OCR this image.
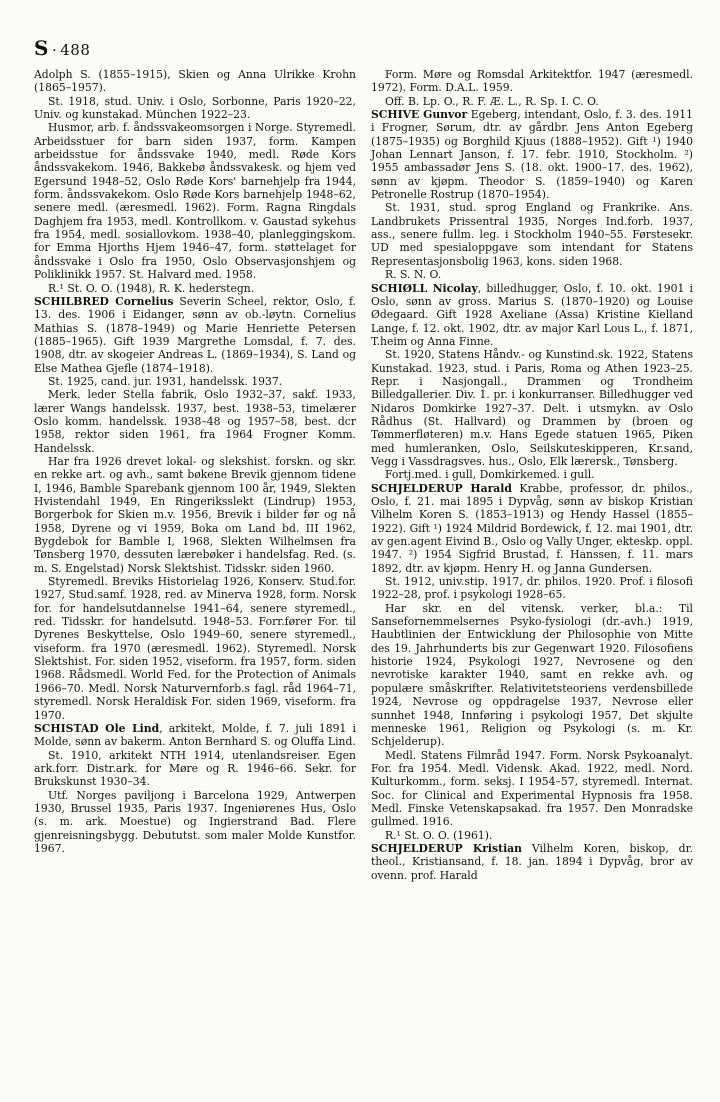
S · 488

Adolph S. (1855–1915), Skien og Anna Ulrikke Krohn (1865–1957).

St. 1918, stud. Univ. i Oslo, Sorbonne, Paris 1920–22, Univ. og kunstakad. München 1922–23.

Husmor, arb. f. åndssvakeomsorgen i Norge. Styremedl. Arbeidsstuer for barn siden 1937, form. Kampen arbeidsstue for åndssvake 1940, medl. Røde Kors åndssvakekom. 1946, Bakkebø åndssvakesk. og hjem ved Egersund 1948–52, Oslo Røde Kors' barnehjelp fra 1944, form. åndssvakekom. Oslo Røde Kors barnehjelp 1948–62, senere medl. (æresmedl. 1962). Form. Ragna Ringdals Daghjem fra 1953, medl. Kontrollkom. v. Gaustad sykehus fra 1954, medl. sosiallovkom. 1938–40, planleggingskom. for Emma Hjorths Hjem 1946–47, form. støttelaget for åndssvake i Oslo fra 1950, Oslo Observasjonshjem og Poliklinikk 1957. St. Halvard med. 1958.

R.¹ St. O. O. (1948), R. K. hederstegn.

SCHILBRED Cornelius Severin Scheel, rektor, Oslo, f. 13. des. 1906 i Eidanger, sønn av ob.-løytn. Cornelius Mathias S. (1878–1949) og Marie Henriette Petersen (1885–1965). Gift 1939 Margrethe Lomsdal, f. 7. des. 1908, dtr. av skogeier Andreas L. (1869–1934), S. Land og Else Mathea Gjefle (1874–1918).

St. 1925, cand. jur. 1931, handelssk. 1937.

Merk. leder Stella fabrik, Oslo 1932–37, sakf. 1933, lærer Wangs handelssk. 1937, best. 1938–53, timelærer Oslo komm. handelssk. 1938–48 og 1957–58, best. dcr 1958, rektor siden 1961, fra 1964 Frogner Komm. Handelssk.

Har fra 1926 drevet lokal- og slekshist. forskn. og skr. en rekke art. og avh., samt bøkene Brevik gjennom tidene I, 1946, Bamble Sparebank gjennom 100 år, 1949, Slekten Hvistendahl 1949, En Ringeriksslekt (Lindrup) 1953, Borgerbok for Skien m.v. 1956, Brevik i bilder før og nå 1958, Dyrene og vi 1959, Boka om Land bd. III 1962, Bygdebok for Bamble I, 1968, Slekten Wilhelmsen fra Tønsberg 1970, dessuten lærebøker i handelsfag. Red. (s. m. S. Engelstad) Norsk Slektshist. Tidsskr. siden 1960.

Styremedl. Breviks Historielag 1926, Konserv. Stud.for. 1927, Stud.samf. 1928, red. av Minerva 1928, form. Norsk for. for handelsutdannelse 1941–64, senere styremedl., red. Tidsskr. for handelsutd. 1948–53. Forr.fører For. til Dyrenes Beskyttelse, Oslo 1949–60, senere styremedl., viseform. fra 1970 (æresmedl. 1962). Styremedl. Norsk Slektshist. For. siden 1952, viseform. fra 1957, form. siden 1968. Rådsmedl. World Fed. for the Protection of Animals 1966–70. Medl. Norsk Naturvernforb.s fagl. råd 1964–71, styremedl. Norsk Heraldisk For. siden 1969, viseform. fra 1970.

SCHISTAD Ole Lind, arkitekt, Molde, f. 7. juli 1891 i Molde, sønn av bakerm. Anton Bernhard S. og Oluffa Lind.

St. 1910, arkitekt NTH 1914, utenlandsreiser. Egen ark.forr. Distr.ark. for Møre og R. 1946–66. Sekr. for Brukskunst 1930–34.

Utf. Norges paviljong i Barcelona 1929, Antwerpen 1930, Brussel 1935, Paris 1937. Ingeniørenes Hus, Oslo (s. m. ark. Moestue) og Ingierstrand Bad. Flere gjenreisningsbygg. Debututst. som maler Molde Kunstfor. 1967.

Form. Møre og Romsdal Arkitektfor. 1947 (æresmedl. 1972). Form. D.A.L. 1959.

Off. B. Lp. O., R. F. Æ. L., R. Sp. I. C. O.

SCHIVE Gunvor Egeberg, intendant, Oslo, f. 3. des. 1911 i Frogner, Sørum, dtr. av gårdbr. Jens Anton Egeberg (1875–1935) og Borghild Kjuus (1888–1952). Gift ¹) 1940 Johan Lennart Janson, f. 17. febr. 1910, Stockholm. ²) 1955 ambassadør Jens S. (18. okt. 1900–17. des. 1962), sønn av kjøpm. Theodor S. (1859–1940) og Karen Petronelle Rostrup (1870–1954).

St. 1931, stud. sprog England og Frankrike. Ans. Landbrukets Prissentral 1935, Norges Ind.forb. 1937, ass., senere fullm. leg. i Stockholm 1940–55. Førstesekr. UD med spesialoppgave som intendant for Statens Representasjonsbolig 1963, kons. siden 1968.

R. S. N. O.

SCHIØLL Nicolay, billedhugger, Oslo, f. 10. okt. 1901 i Oslo, sønn av gross. Marius S. (1870–1920) og Louise Ødegaard. Gift 1928 Axeliane (Assa) Kristine Kielland Lange, f. 12. okt. 1902, dtr. av major Karl Lous L., f. 1871, T.heim og Anna Finne.

St. 1920, Statens Håndv.- og Kunstind.sk. 1922, Statens Kunstakad. 1923, stud. i Paris, Roma og Athen 1923–25. Repr. i Nasjongall., Drammen og Trondheim Billedgallerier. Div. 1. pr. i konkurranser. Billedhugger ved Nidaros Domkirke 1927–37. Delt. i utsmykn. av Oslo Rådhus (St. Hallvard) og Drammen by (broen og Tømmerfløteren) m.v. Hans Egede statuen 1965, Piken med humleranken, Oslo, Seilskuteskipperen, Kr.sand, Vegg i Vassdragsves. hus., Oslo, Elk lærersk., Tønsberg.

Fortj.med. i gull, Domkirkemed. i gull.

SCHJELDERUP Harald Krabbe, professor, dr. philos., Oslo, f. 21. mai 1895 i Dypvåg, sønn av biskop Kristian Vilhelm Koren S. (1853–1913) og Hendy Hassel (1855–1922). Gift ¹) 1924 Mildrid Bordewick, f. 12. mai 1901, dtr. av gen.agent Eivind B., Oslo og Vally Unger, ekteskp. oppl. 1947. ²) 1954 Sigfrid Brustad, f. Hanssen, f. 11. mars 1892, dtr. av kjøpm. Henry H. og Janna Gundersen.

St. 1912, univ.stip. 1917, dr. philos. 1920. Prof. i filosofi 1922–28, prof. i psykologi 1928–65.

Har skr. en del vitensk. verker, bl.a.: Til Sansefornemmelsernes Psyko-fysiologi (dr.-avh.) 1919, Haubtlinien der Entwicklung der Philosophie von Mitte des 19. Jahrhunderts bis zur Gegenwart 1920. Filosofiens historie 1924, Psykologi 1927, Nevrosene og den nevrotiske karakter 1940, samt en rekke avh. og populære småskrifter. Relativitetsteoriens verdensbillede 1924, Nevrose og oppdragelse 1937, Nevrose eller sunnhet 1948, Innføring i psykologi 1957, Det skjulte menneske 1961, Religion og Psykologi (s. m. Kr. Schjelderup).

Medl. Statens Filmråd 1947. Form. Norsk Psykoanalyt. For. fra 1954. Medl. Vidensk. Akad. 1922, medl. Nord. Kulturkomm., form. seksj. I 1954–57, styremedl. Internat. Soc. for Clinical and Experimental Hypnosis fra 1958. Medl. Finske Vetenskapsakad. fra 1957. Den Monradske gullmed. 1916.

R.¹ St. O. O. (1961).

SCHJELDERUP Kristian Vilhelm Koren, biskop, dr. theol., Kristiansand, f. 18. jan. 1894 i Dypvåg, bror av ovenn. prof. Harald
